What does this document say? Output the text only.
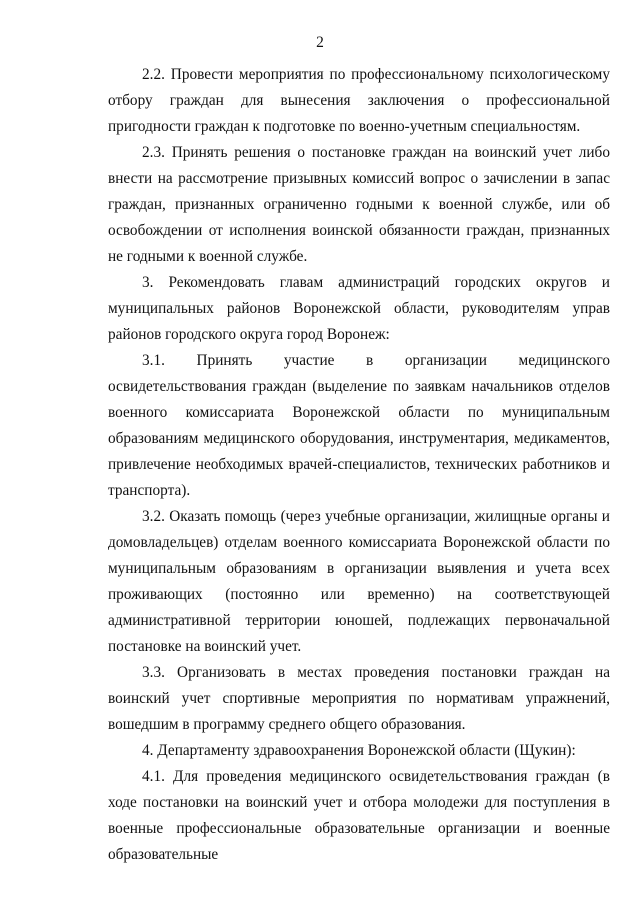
2

2.2. Провести мероприятия по профессиональному психологическому отбору граждан для вынесения заключения о профессиональной пригодности граждан к подготовке по военно-учетным специальностям.

2.3. Принять решения о постановке граждан на воинский учет либо внести на рассмотрение призывных комиссий вопрос о зачислении в запас граждан, признанных ограниченно годными к военной службе, или об освобождении от исполнения воинской обязанности граждан, признанных не годными к военной службе.

3. Рекомендовать главам администраций городских округов и муниципальных районов Воронежской области, руководителям управ районов городского округа город Воронеж:

3.1. Принять участие в организации медицинского освидетельствования граждан (выделение по заявкам начальников отделов военного комиссариата Воронежской области по муниципальным образованиям медицинского оборудования, инструментария, медикаментов, привлечение необходимых врачей-специалистов, технических работников и транспорта).

3.2. Оказать помощь (через учебные организации, жилищные органы и домовладельцев) отделам военного комиссариата Воронежской области по муниципальным образованиям в организации выявления и учета всех проживающих (постоянно или временно) на соответствующей административной территории юношей, подлежащих первоначальной постановке на воинский учет.

3.3. Организовать в местах проведения постановки граждан на воинский учет спортивные мероприятия по нормативам упражнений, вошедшим в программу среднего общего образования.

4. Департаменту здравоохранения Воронежской области (Щукин):

4.1. Для проведения медицинского освидетельствования граждан (в ходе постановки на воинский учет и отбора молодежи для поступления в военные профессиональные образовательные организации и военные образовательные
